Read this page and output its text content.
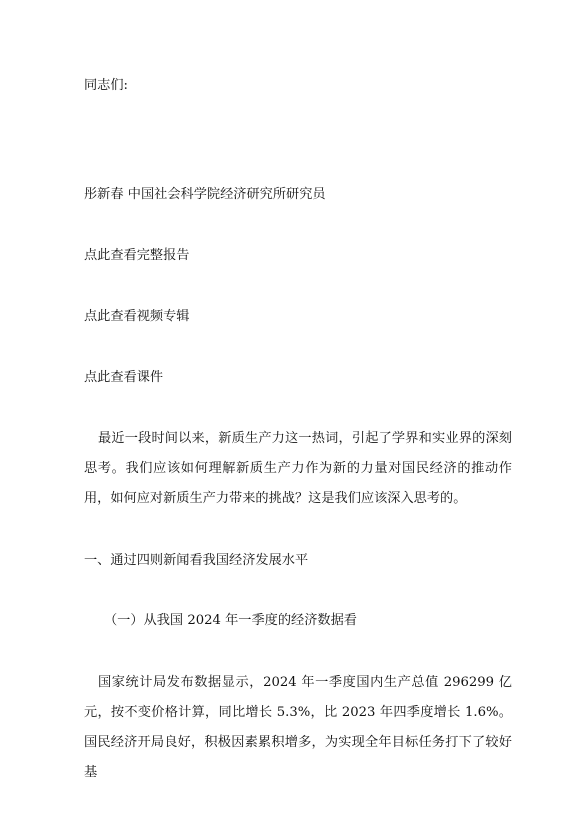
同志们:
彤新春 中国社会科学院经济研究所研究员
点此查看完整报告
点此查看视频专辑
点此查看课件
最近一段时间以来，新质生产力这一热词，引起了学界和实业界的深刻思考。我们应该如何理解新质生产力作为新的力量对国民经济的推动作用，如何应对新质生产力带来的挑战？这是我们应该深入思考的。
一、通过四则新闻看我国经济发展水平
（一）从我国 2024 年一季度的经济数据看
国家统计局发布数据显示，2024 年一季度国内生产总值 296299 亿元，按不变价格计算，同比增长 5.3%，比 2023 年四季度增长 1.6%。国民经济开局良好，积极因素累积增多，为实现全年目标任务打下了较好基
